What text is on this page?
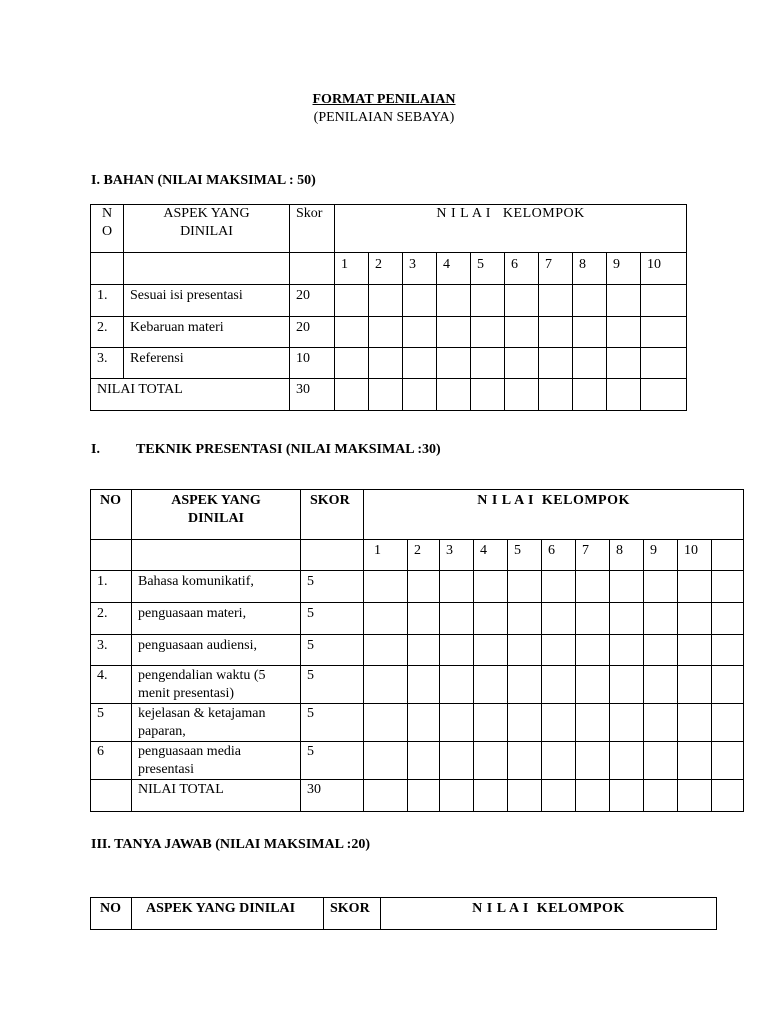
FORMAT PENILAIAN
(PENILAIAN SEBAYA)
I. BAHAN (NILAI MAKSIMAL : 50)
N O	ASPEK YANG DINILAI	Skor	N I L A I   KELOMPOK									
			1	2	3	4	5	6	7	8	9	10
1.	Sesuai isi presentasi	20										
2.	Kebaruan materi	20										
3.	Referensi	10										
NILAI TOTAL		30										
I.	TEKNIK PRESENTASI (NILAI MAKSIMAL :30)
NO	ASPEK YANG DINILAI	SKOR	N I L A I  KELOMPOK										
			1	2	3	4	5	6	7	8	9	10	
1.	Bahasa komunikatif,	5											
2.	penguasaan materi,	5											
3.	penguasaan audiensi,	5											
4.	pengendalian waktu (5 menit presentasi)	5											
5	kejelasan & ketajaman paparan,	5											
6	penguasaan media presentasi	5											
	NILAI TOTAL	30											
III. TANYA JAWAB (NILAI MAKSIMAL :20)
NO	ASPEK YANG DINILAI	SKOR	N I L A I  KELOMPOK
